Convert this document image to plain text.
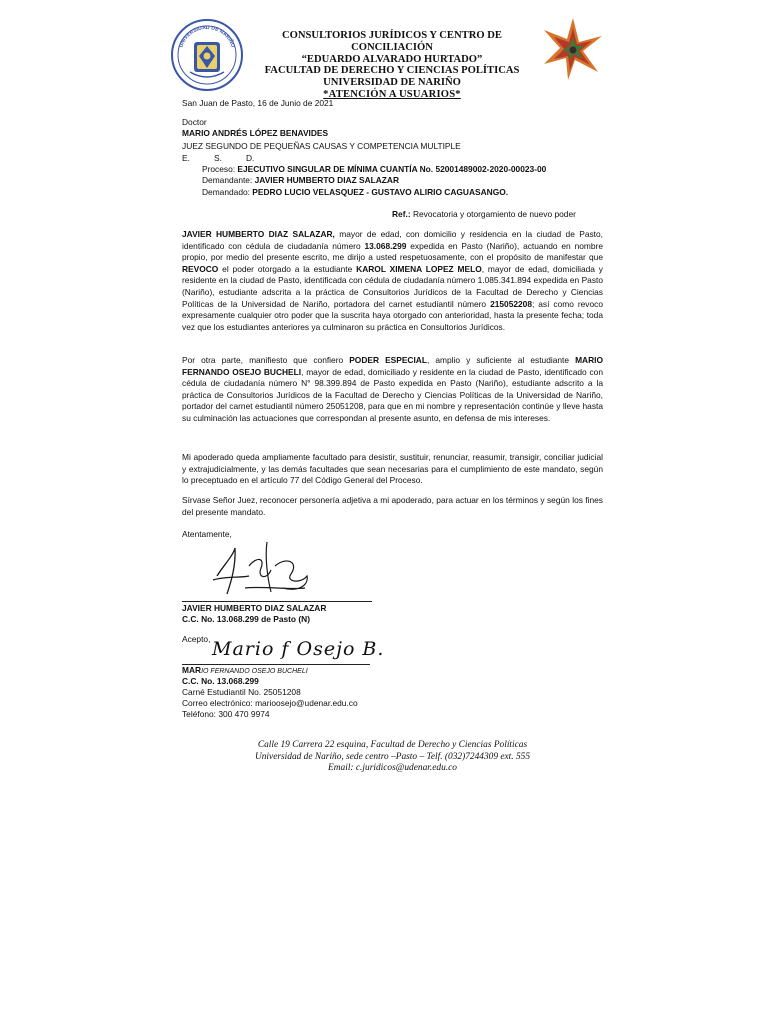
UNIVERSIDAD DE NARIÑO
CONSULTORIOS JURÍDICOS Y CENTRO DE CONCILIACIÓN
“EDUARDO ALVARADO HURTADO”
FACULTAD DE DERECHO Y CIENCIAS POLÍTICAS
UNIVERSIDAD DE NARIÑO
*ATENCIÓN A USUARIOS*
San Juan de Pasto, 16 de Junio de 2021
Doctor
MARIO ANDRÉS LÓPEZ BENAVIDES
JUEZ SEGUNDO DE PEQUEÑAS CAUSAS Y COMPETENCIA MULTIPLE
E.	S.	D.
Proceso: EJECUTIVO SINGULAR DE MÍNIMA CUANTÍA No. 52001489002-2020-00023-00
Demandante: JAVIER HUMBERTO DIAZ SALAZAR
Demandado: PEDRO LUCIO VELASQUEZ - GUSTAVO ALIRIO CAGUASANGO.
Ref.: Revocatoria y otorgamiento de nuevo poder
JAVIER HUMBERTO DIAZ SALAZAR, mayor de edad, con domicilio y residencia en la ciudad de Pasto, identificado con cédula de ciudadanía número 13.068.299 expedida en Pasto (Nariño), actuando en nombre propio, por medio del presente escrito, me dirijo a usted respetuosamente, con el propósito de manifestar que REVOCO el poder otorgado a la estudiante KAROL XIMENA LOPEZ MELO, mayor de edad, domiciliada y residente en la ciudad de Pasto, identificada con cédula de ciudadanía número 1.085.341.894 expedida en Pasto (Nariño), estudiante adscrita a la práctica de Consultorios Jurídicos de la Facultad de Derecho y Ciencias Políticas de la Universidad de Nariño, portadora del carnet estudiantil número 215052208; así como revoco expresamente cualquier otro poder que la suscrita haya otorgado con anterioridad, hasta la presente fecha; toda vez que los estudiantes anteriores ya culminaron su práctica en Consultorios Jurídicos.
Por otra parte, manifiesto que confiero PODER ESPECIAL, amplio y suficiente al estudiante MARIO FERNANDO OSEJO BUCHELI, mayor de edad, domiciliado y residente en la ciudad de Pasto, identificado con cédula de ciudadanía número N° 98.399.894 de Pasto expedida en Pasto (Nariño), estudiante adscrito a la práctica de Consultorios Jurídicos de la Facultad de Derecho y Ciencias Políticas de la Universidad de Nariño, portador del carnet estudiantil número 25051208, para que en mi nombre y representación continúe y lleve hasta su culminación las actuaciones que correspondan al presente asunto, en defensa de mis intereses.
Mi apoderado queda ampliamente facultado para desistir, sustituir, renunciar, reasumir, transigir, conciliar judicial y extrajudicialmente, y las demás facultades que sean necesarias para el cumplimiento de este mandato, según lo preceptuado en el artículo 77 del Código General del Proceso.
Sírvase Señor Juez, reconocer personería adjetiva a mi apoderado, para actuar en los términos y según los fines del presente mandato.
Atentamente,
JAVIER HUMBERTO DIAZ SALAZAR
C.C. No. 13.068.299 de Pasto (N)
Acepto, Mario f Osejo B.
MARIO FERNANDO OSEJO BUCHELI
C.C. No. 13.068.299
Carné Estudiantil No. 25051208
Correo electrónico: marioosejo@udenar.edu.co
Teléfono: 300 470 9974
Calle 19 Carrera 22 esquina, Facultad de Derecho y Ciencias Políticas
Universidad de Nariño, sede centro –Pasto – Telf. (032)7244309 ext. 555
Email: c.juridicos@udenar.edu.co
